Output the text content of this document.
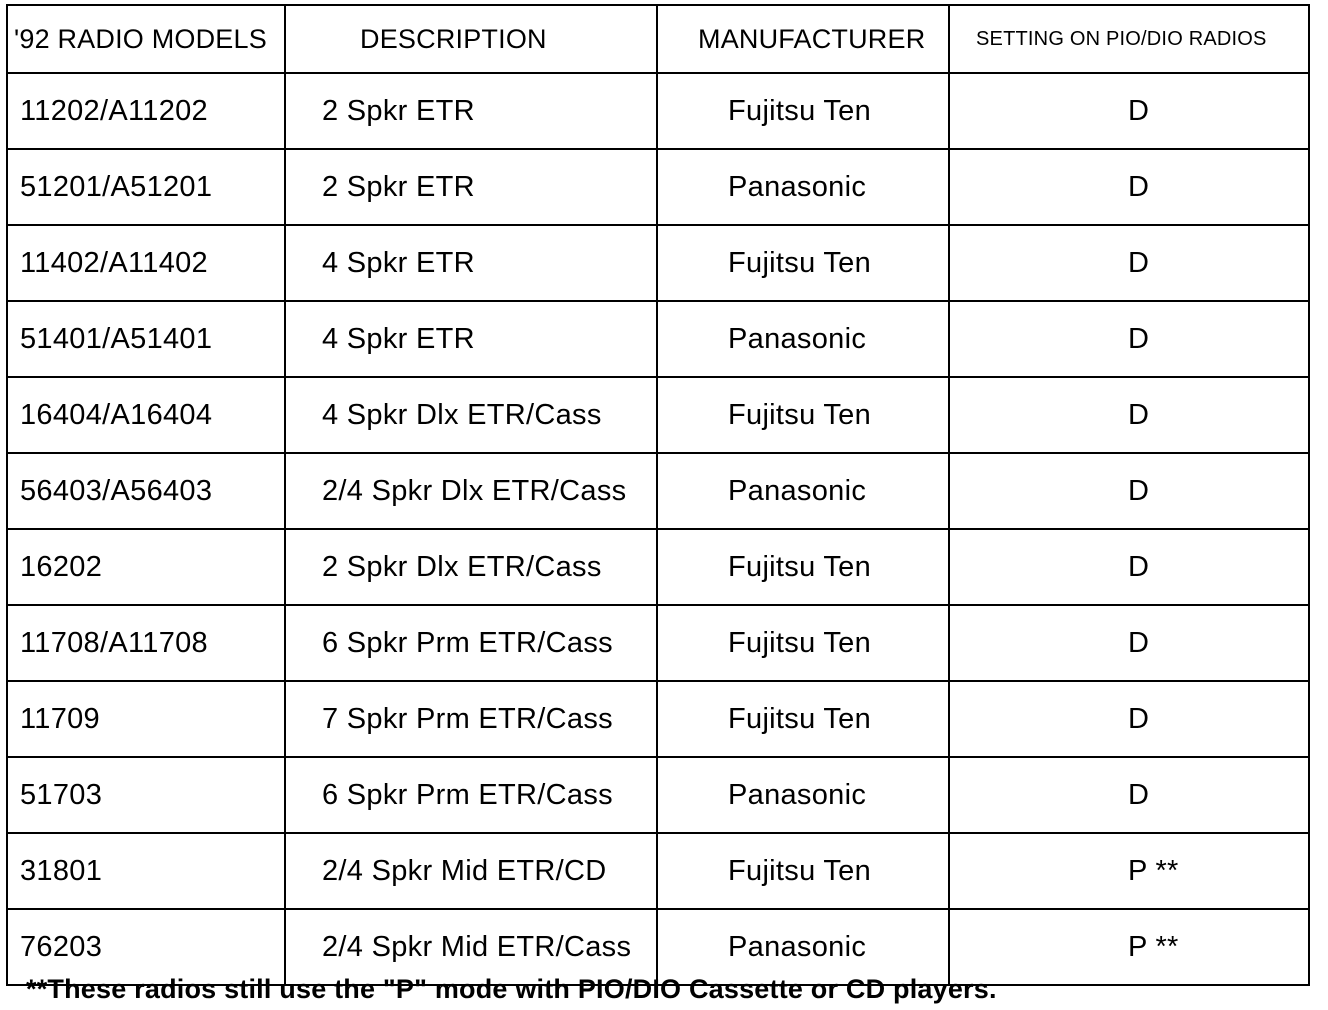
'92 RADIO MODELS	DESCRIPTION	MANUFACTURER	SETTING ON PIO/DIO RADIOS
11202/A11202	2 Spkr ETR	Fujitsu Ten	D
51201/A51201	2 Spkr ETR	Panasonic	D
11402/A11402	4 Spkr ETR	Fujitsu Ten	D
51401/A51401	4 Spkr ETR	Panasonic	D
16404/A16404	4 Spkr Dlx ETR/Cass	Fujitsu Ten	D
56403/A56403	2/4 Spkr Dlx ETR/Cass	Panasonic	D
16202	2 Spkr Dlx ETR/Cass	Fujitsu Ten	D
11708/A11708	6 Spkr Prm ETR/Cass	Fujitsu Ten	D
11709	7 Spkr Prm ETR/Cass	Fujitsu Ten	D
51703	6 Spkr Prm ETR/Cass	Panasonic	D
31801	2/4 Spkr Mid ETR/CD	Fujitsu Ten	P **
76203	2/4 Spkr Mid ETR/Cass	Panasonic	P **
**These radios still use the "P" mode with PIO/DIO Cassette or CD players.
